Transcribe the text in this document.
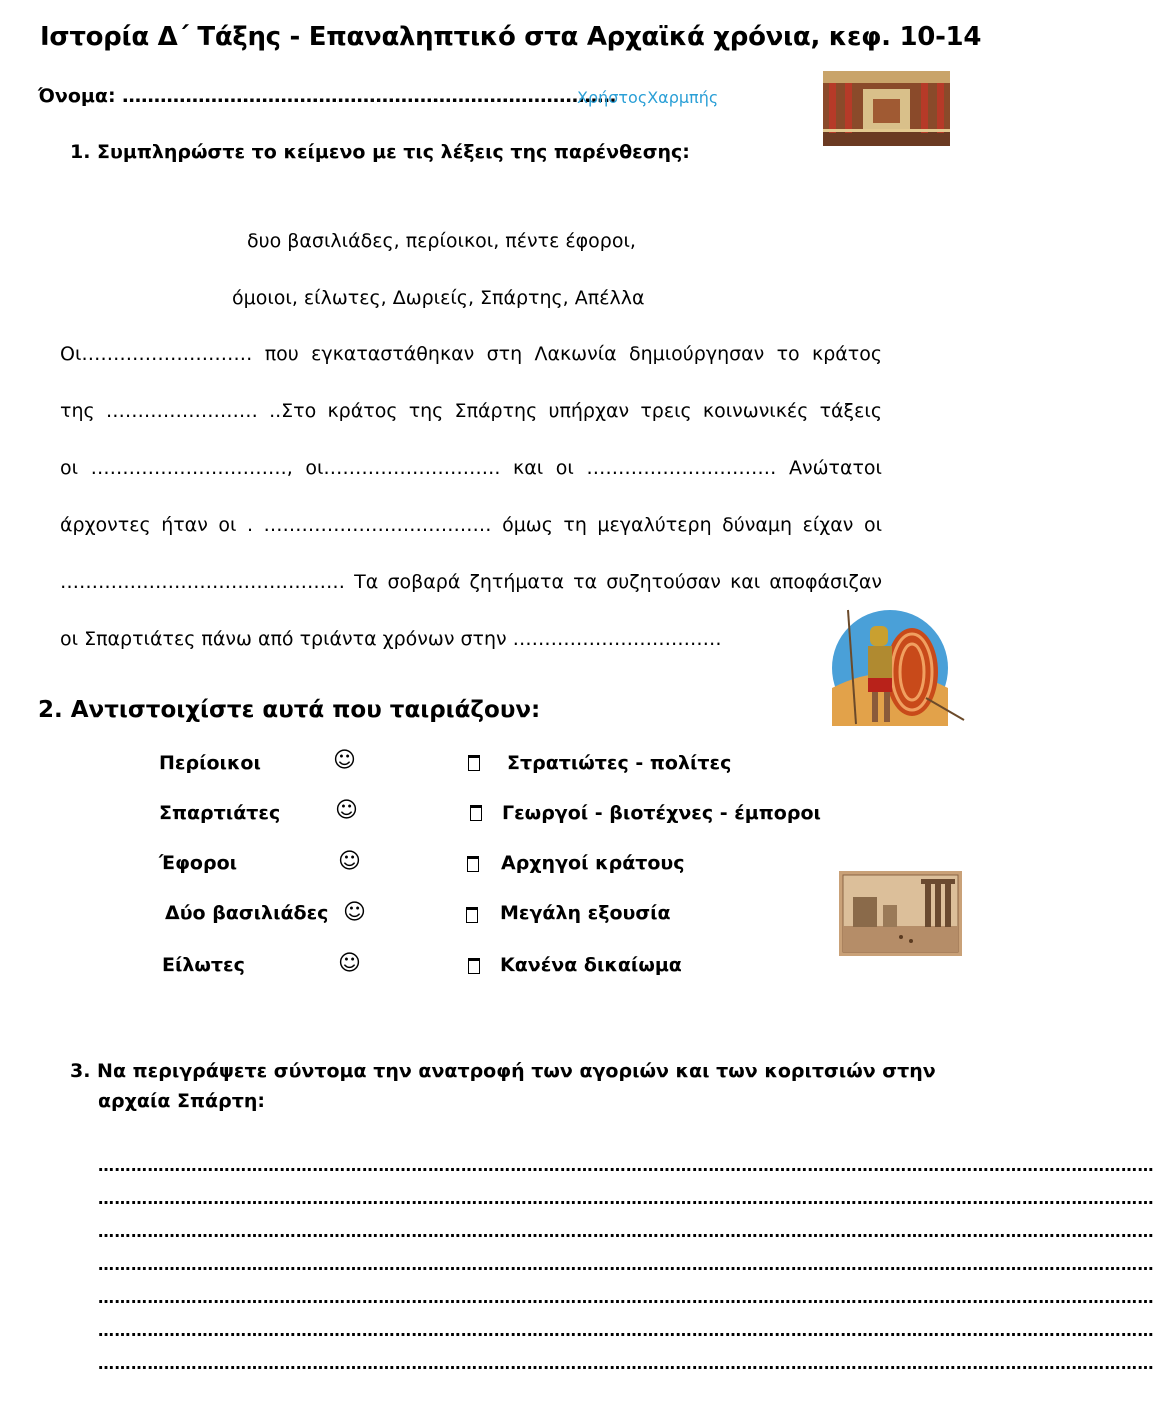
Ιστορία Δ΄ Τάξης - Επαναληπτικό στα Αρχαϊκά χρόνια, κεφ. 10-14
Όνομα: ……………………………………………………………………
ΧρήστοςΧαρμπής
1. Συμπληρώστε το κείμενο με τις λέξεις της παρένθεσης:
δυο βασιλιάδες, περίοικοι, πέντε έφοροι,
όμοιοι, είλωτες, Δωριείς, Σπάρτης, Απέλλα
Οι……………………… που εγκαταστάθηκαν στη Λακωνία δημιούργησαν το κράτος
της …………………… ..Στο κράτος της Σπάρτης υπήρχαν τρεις κοινωνικές τάξεις
οι …………………………., οι………………………. και οι ………………………… Ανώτατοι
άρχοντες ήταν οι . ……………………………… όμως τη μεγαλύτερη δύναμη είχαν οι
……………………………………… Τα σοβαρά ζητήματα τα συζητούσαν και αποφάσιζαν
οι Σπαρτιάτες πάνω από τριάντα χρόνων στην ……………………………
2. Αντιστοιχίστε αυτά που ταιριάζουν:
Περίοικοι
Σπαρτιάτες
Έφοροι
Δύο βασιλιάδες
Είλωτες
☺
☺
☺
☺
☺
Στρατιώτες - πολίτες
Γεωργοί - βιοτέχνες - έμποροι
Αρχηγοί κράτους
Μεγάλη εξουσία
Κανένα δικαίωμα
3. Να περιγράψετε σύντομα την ανατροφή των αγοριών και των κοριτσιών στην
αρχαία Σπάρτη:
…………………………………………………………………………………………………………………………………………………………………………
…………………………………………………………………………………………………………………………………………………………………………
…………………………………………………………………………………………………………………………………………………………………………
…………………………………………………………………………………………………………………………………………………………………………
…………………………………………………………………………………………………………………………………………………………………………
…………………………………………………………………………………………………………………………………………………………………………
…………………………………………………………………………………………………………………………………………………………………………
